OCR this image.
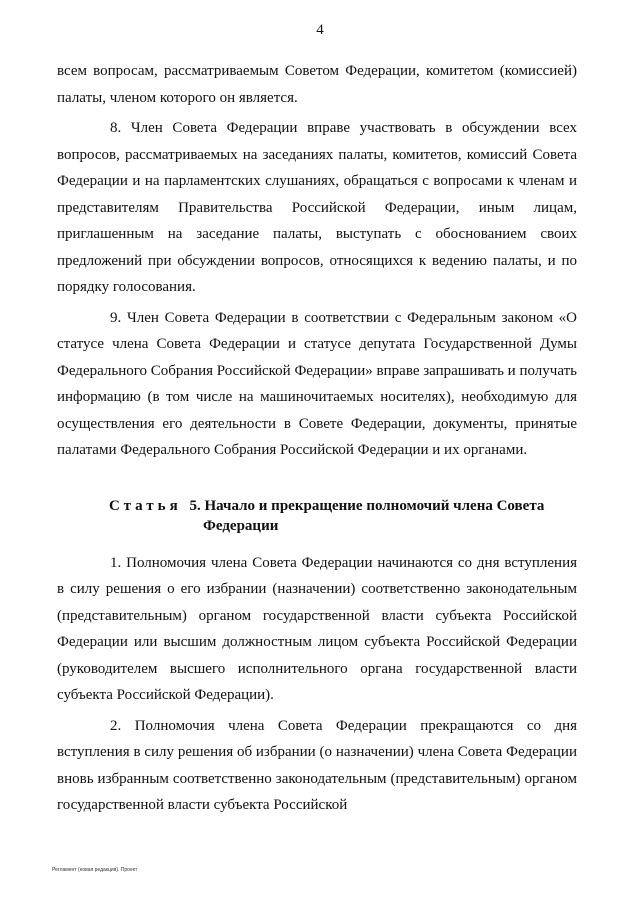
4

всем вопросам, рассматриваемым Советом Федерации, комитетом (комиссией) палаты, членом которого он является.

8. Член Совета Федерации вправе участвовать в обсуждении всех вопросов, рассматриваемых на заседаниях палаты, комитетов, комиссий Совета Федерации и на парламентских слушаниях, обращаться с вопросами к членам и представителям Правительства Российской Федерации, иным лицам, приглашенным на заседание палаты, выступать с обоснованием своих предложений при обсуждении вопросов, относящихся к ведению палаты, и по порядку голосования.

9. Член Совета Федерации в соответствии с Федеральным законом «О статусе члена Совета Федерации и статусе депутата Государственной Думы Федерального Собрания Российской Федерации» вправе запрашивать и получать информацию (в том числе на машиночитаемых носителях), необходимую для осуществления его деятельности в Совете Федерации, документы, принятые палатами Федерального Собрания Российской Федерации и их органами.

Статья 5. Начало и прекращение полномочий члена Совета
Федерации

1. Полномочия члена Совета Федерации начинаются со дня вступления в силу решения о его избрании (назначении) соответственно законодательным (представительным) органом государственной власти субъекта Российской Федерации или высшим должностным лицом субъекта Российской Федерации (руководителем высшего исполнительного органа государственной власти субъекта Российской Федерации).

2. Полномочия члена Совета Федерации прекращаются со дня вступления в силу решения об избрании (о назначении) члена Совета Федерации вновь избранным соответственно законодательным (представительным) органом государственной власти субъекта Российской

Регламент (новая редакция). Проект
